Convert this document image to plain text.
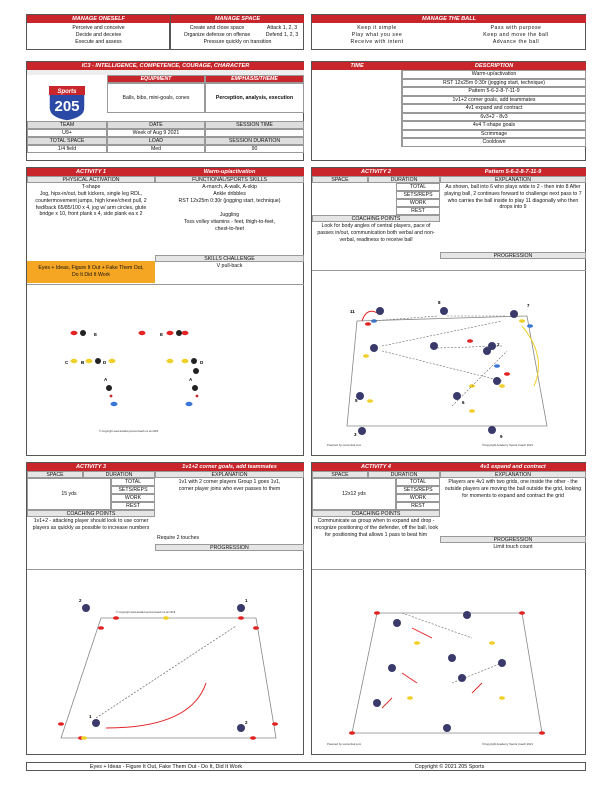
MANAGE ONESELF
Perceive and conceive
Decide and deceive
Execute and assess
MANAGE SPACE
Create and close space
Organize defense on offense
Attack 1, 2, 3
Defend 1, 2, 3
Pressure quickly on transition
MANAGE THE BALL
Keep it simple
Play what you see
Receive with intent
Pass with purpose
Keep and move the ball
Advance the ball
IC3 - INTELLIGENCE, COMPETENCE, COURAGE, CHARACTER
Sports
205
EQUIPMENT
Balls, bibs, mini-goals, cones
EMPHASIS/THEME
Perception, analysis, execution
TEAM	DATE	SESSION TIME
U9+	Week of Aug 9 2021
TOTAL SPACE	LOAD	SESSION DURATION
1/4 field	Med	90
TIME	DESCRIPTION
Warm-up/activation
RST 12x25m 0:30r (jogging start, technique)
Pattern 5-6-2-8-7-11-9
1v1+2 corner goals, add teammates
4v1 expand and contract
6v3+2 - 8v3
4v4 T-shape goals
Scrimmage
Cooldown
ACTIVITY 1	Warm-up/activation
PHYSICAL ACTIVATION	FUNCTIONAL/SPORTS SKILLS
T-shape
Jog, hips-in/out, butt kickers, single leg RDL, countermovement jumps, high knee/chest pull, 2 fwd/back 65/85/100 x 4, jog w/ arm circles, glute bridge x 10, front plank x 4, side plank ea x 2
A-march, A-walk, A-skip
Ankle dribbles
RST 12x25m 0:30r (jogging start, technique)
Juggling
Toss volley vitamins - feet, thigh-to-feet, chest-to-feet
SKILLS CHALLENGE
V pull-back
Eyes + Ideas, Figure It Out + Fake Them Out, Do It Did It Work
E	E
C	B	D	D
A	A
© Copyright www.academysoccercoach.co.uk 2020
ACTIVITY 2	Pattern 5-6-2-8-7-11-9
SPACE	DURATION	EXPLANATION
TOTAL
SETS/REPS
WORK
REST
As shown, ball into 6 who plays wide to 2 - then into 8 After playing ball, 2 continues forward to challenge next pass to 7 who carries the ball inside to play 11 diagonally who then drops into 9
COACHING POINTS
Look for body angles of central players, pace of passes in/out, communication both verbal and non-verbal, readiness to receive ball
PROGRESSION
11
8
7
2
5	6
9
3
Powered by soccerIsol.com	©Copyright Academy Sports Coach 2021
ACTIVITY 3	1v1+2 corner goals, add teammates
SPACE	DURATION	EXPLANATION
15 yds
TOTAL
SETS/REPS
WORK
REST
1v1 with 2 corner players Group 1 goes 1v1, corner player joins who ever passes to them
COACHING POINTS
1v1+2 - attacking player should look to use corner players as quickly as possible to increase numbers
Require 2 touches
PROGRESSION
2	1
1
2
© Copyright www.academysoccercoach.co.uk 2019
ACTIVITY 4	4v1 expand and contract
SPACE	DURATION	EXPLANATION
12x12 yds
TOTAL
SETS/REPS
WORK
REST
Players are 4v1 with two grids, one inside the other - the outside players are moving the ball outside the grid, looking for moments to expand and contract the grid
COACHING POINTS
Communicate as group when to expand and drop - recognize positioning of the defender, off the ball, look for positioning that allows 1 pass to beat him
PROGRESSION
Limit touch count
Powered by soccerIsol.com	©Copyright Academy Sports Coach 2021
Eyes + Ideas - Figure It Out, Fake Them Out - Do It, Did It Work	Copyright © 2021 205 Sports
